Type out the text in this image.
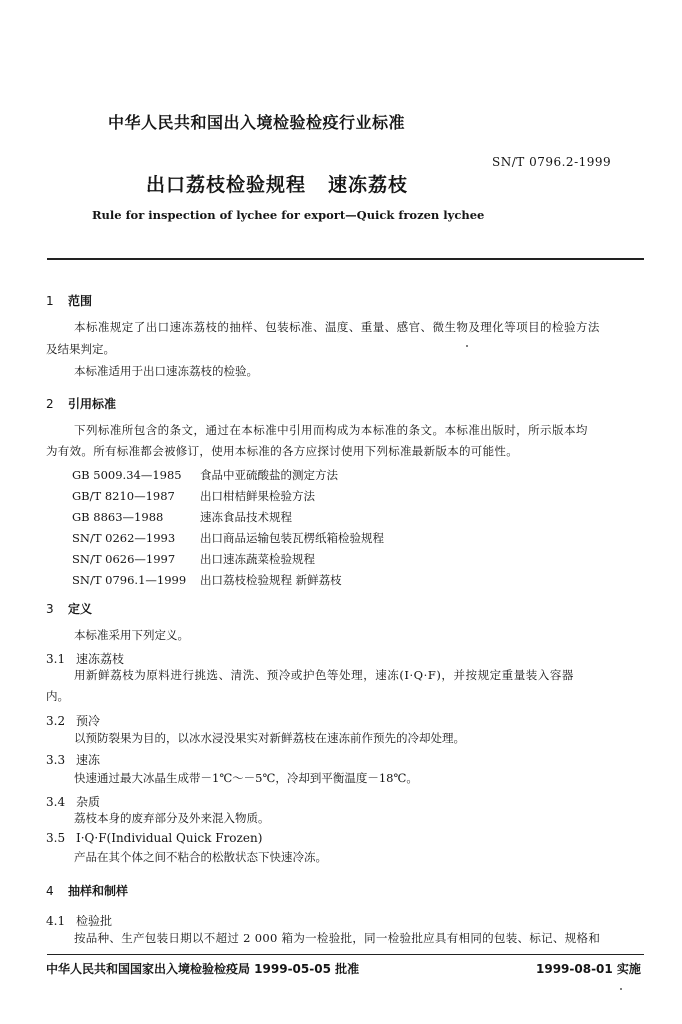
中华人民共和国出入境检验检疫行业标准
SN/T 0796.2-1999
出口荔枝检验规程 速冻荔枝
Rule for inspection of lychee for export—Quick frozen lychee
1 范围
本标准规定了出口速冻荔枝的抽样、包装标准、温度、重量、感官、微生物及理化等项目的检验方法
及结果判定。
本标准适用于出口速冻荔枝的检验。
2 引用标准
下列标准所包含的条文，通过在本标准中引用而构成为本标准的条文。本标准出版时，所示版本均
为有效。所有标准都会被修订，使用本标准的各方应探讨使用下列标准最新版本的可能性。
GB 5009.34—1985 食品中亚硫酸盐的测定方法
GB/T 8210—1987 出口柑桔鲜果检验方法
GB 8863—1988	速冻食品技术规程
SN/T 0262—1993 出口商品运输包装瓦楞纸箱检验规程
SN/T 0626—1997 出口速冻蔬菜检验规程
SN/T 0796.1—1999 出口荔枝检验规程 新鲜荔枝
3 定义
本标准采用下列定义。
3.1 速冻荔枝
用新鲜荔枝为原料进行挑选、清洗、预冷或护色等处理，速冻(I·Q·F)，并按规定重量装入容器
内。
3.2 预冷
以预防裂果为目的，以冰水浸没果实对新鲜荔枝在速冻前作预先的冷却处理。
3.3 速冻
快速通过最大冰晶生成带－1℃～－5℃，冷却到平衡温度－18℃。
3.4 杂质
荔枝本身的废弃部分及外来混入物质。
3.5 I·Q·F(Individual Quick Frozen)
产品在其个体之间不粘合的松散状态下快速冷冻。
4 抽样和制样
4.1 检验批
按品种、生产包装日期以不超过 2 000 箱为一检验批，同一检验批应具有相同的包装、标记、规格和
中华人民共和国国家出入境检验检疫局 1999-05-05 批准	1999-08-01 实施
